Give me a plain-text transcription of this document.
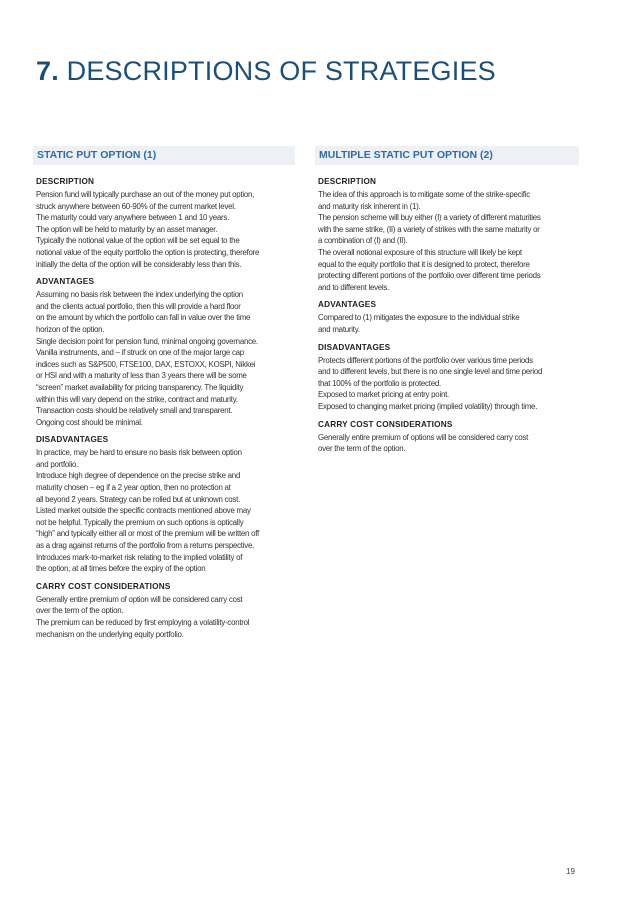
7. DESCRIPTIONS OF STRATEGIES
STATIC PUT OPTION (1)
DESCRIPTION
Pension fund will typically purchase an out of the money put option,
struck anywhere between 60-90% of the current market level.
The maturity could vary anywhere between 1 and 10 years.
The option will be held to maturity by an asset manager.
Typically the notional value of the option will be set equal to the
notional value of the equity portfolio the option is protecting, therefore
initially the delta of the option will be considerably less than this.
ADVANTAGES
Assuming no basis risk between the index underlying the option
and the clients actual portfolio, then this will provide a hard floor
on the amount by which the portfolio can fall in value over the time
horizon of the option.
Single decision point for pension fund, minimal ongoing governance.
Vanilla instruments, and – if struck on one of the major large cap
indices such as S&P500, FTSE100, DAX, ESTOXX, KOSPI, Nikkei
or HSI and with a maturity of less than 3 years there will be some
“screen” market availability for pricing transparency. The liquidity
within this will vary depend on the strike, contract and maturity.
Transaction costs should be relatively small and transparent.
Ongoing cost should be minimal.
DISADVANTAGES
In practice, may be hard to ensure no basis risk between option
and portfolio.
Introduce high degree of dependence on the precise strike and
maturity chosen – eg if a 2 year option, then no protection at
all beyond 2 years. Strategy can be rolled but at unknown cost.
Listed market outside the specific contracts mentioned above may
not be helpful. Typically the premium on such options is optically
“high” and typically either all or most of the premium will be written off
as a drag against returns of the portfolio from a returns perspective.
Introduces mark-to-market risk relating to the implied volatility of
the option, at all times before the expiry of the option
CARRY COST CONSIDERATIONS
Generally entire premium of option will be considered carry cost
over the term of the option.
The premium can be reduced by first employing a volatility-control
mechanism on the underlying equity portfolio.
MULTIPLE STATIC PUT OPTION (2)
DESCRIPTION
The idea of this approach is to mitigate some of the strike-specific
and maturity risk inherent in (1).
The pension scheme will buy either (I) a variety of different maturities
with the same strike, (II) a variety of strikes with the same maturity or
a combination of (I) and (II).
The overall notional exposure of this structure will likely be kept
equal to the equity portfolio that it is designed to protect, therefore
protecting different portions of the portfolio over different time periods
and to different levels.
ADVANTAGES
Compared to (1) mitigates the exposure to the individual strike
and maturity.
DISADVANTAGES
Protects different portions of the portfolio over various time periods
and to different levels, but there is no one single level and time period
that 100% of the portfolio is protected.
Exposed to market pricing at entry point.
Exposed to changing market pricing (implied volatility) through time.
CARRY COST CONSIDERATIONS
Generally entire premium of options will be considered carry cost
over the term of the option.
19
